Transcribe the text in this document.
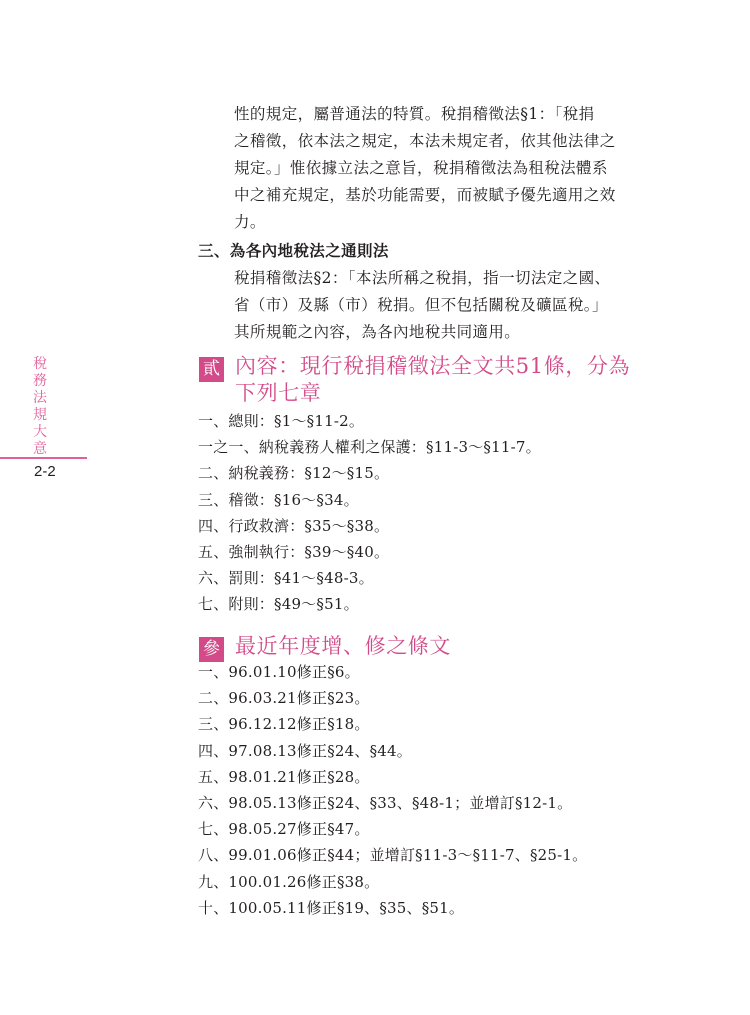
稅
務
法
規
大
意
2-2
性的規定，屬普通法的特質。稅捐稽徵法§1：「稅捐
之稽徵，依本法之規定，本法未規定者，依其他法律之
規定。」惟依據立法之意旨，稅捐稽徵法為租稅法體系
中之補充規定，基於功能需要，而被賦予優先適用之效
力。
三、為各內地稅法之通則法
稅捐稽徵法§2：「本法所稱之稅捐，指一切法定之國、
省（市）及縣（市）稅捐。但不包括關稅及礦區稅。」
其所規範之內容，為各內地稅共同適用。
貳 內容：現行稅捐稽徵法全文共51條，分為
下列七章
一、總則：§1～§11-2。
一之一、納稅義務人權利之保護：§11-3～§11-7。
二、納稅義務：§12～§15。
三、稽徵：§16～§34。
四、行政救濟：§35～§38。
五、強制執行：§39～§40。
六、罰則：§41～§48-3。
七、附則：§49～§51。
參 最近年度增、修之條文
一、96.01.10修正§6。
二、96.03.21修正§23。
三、96.12.12修正§18。
四、97.08.13修正§24、§44。
五、98.01.21修正§28。
六、98.05.13修正§24、§33、§48-1；並增訂§12-1。
七、98.05.27修正§47。
八、99.01.06修正§44；並增訂§11-3～§11-7、§25-1。
九、100.01.26修正§38。
十、100.05.11修正§19、§35、§51。
